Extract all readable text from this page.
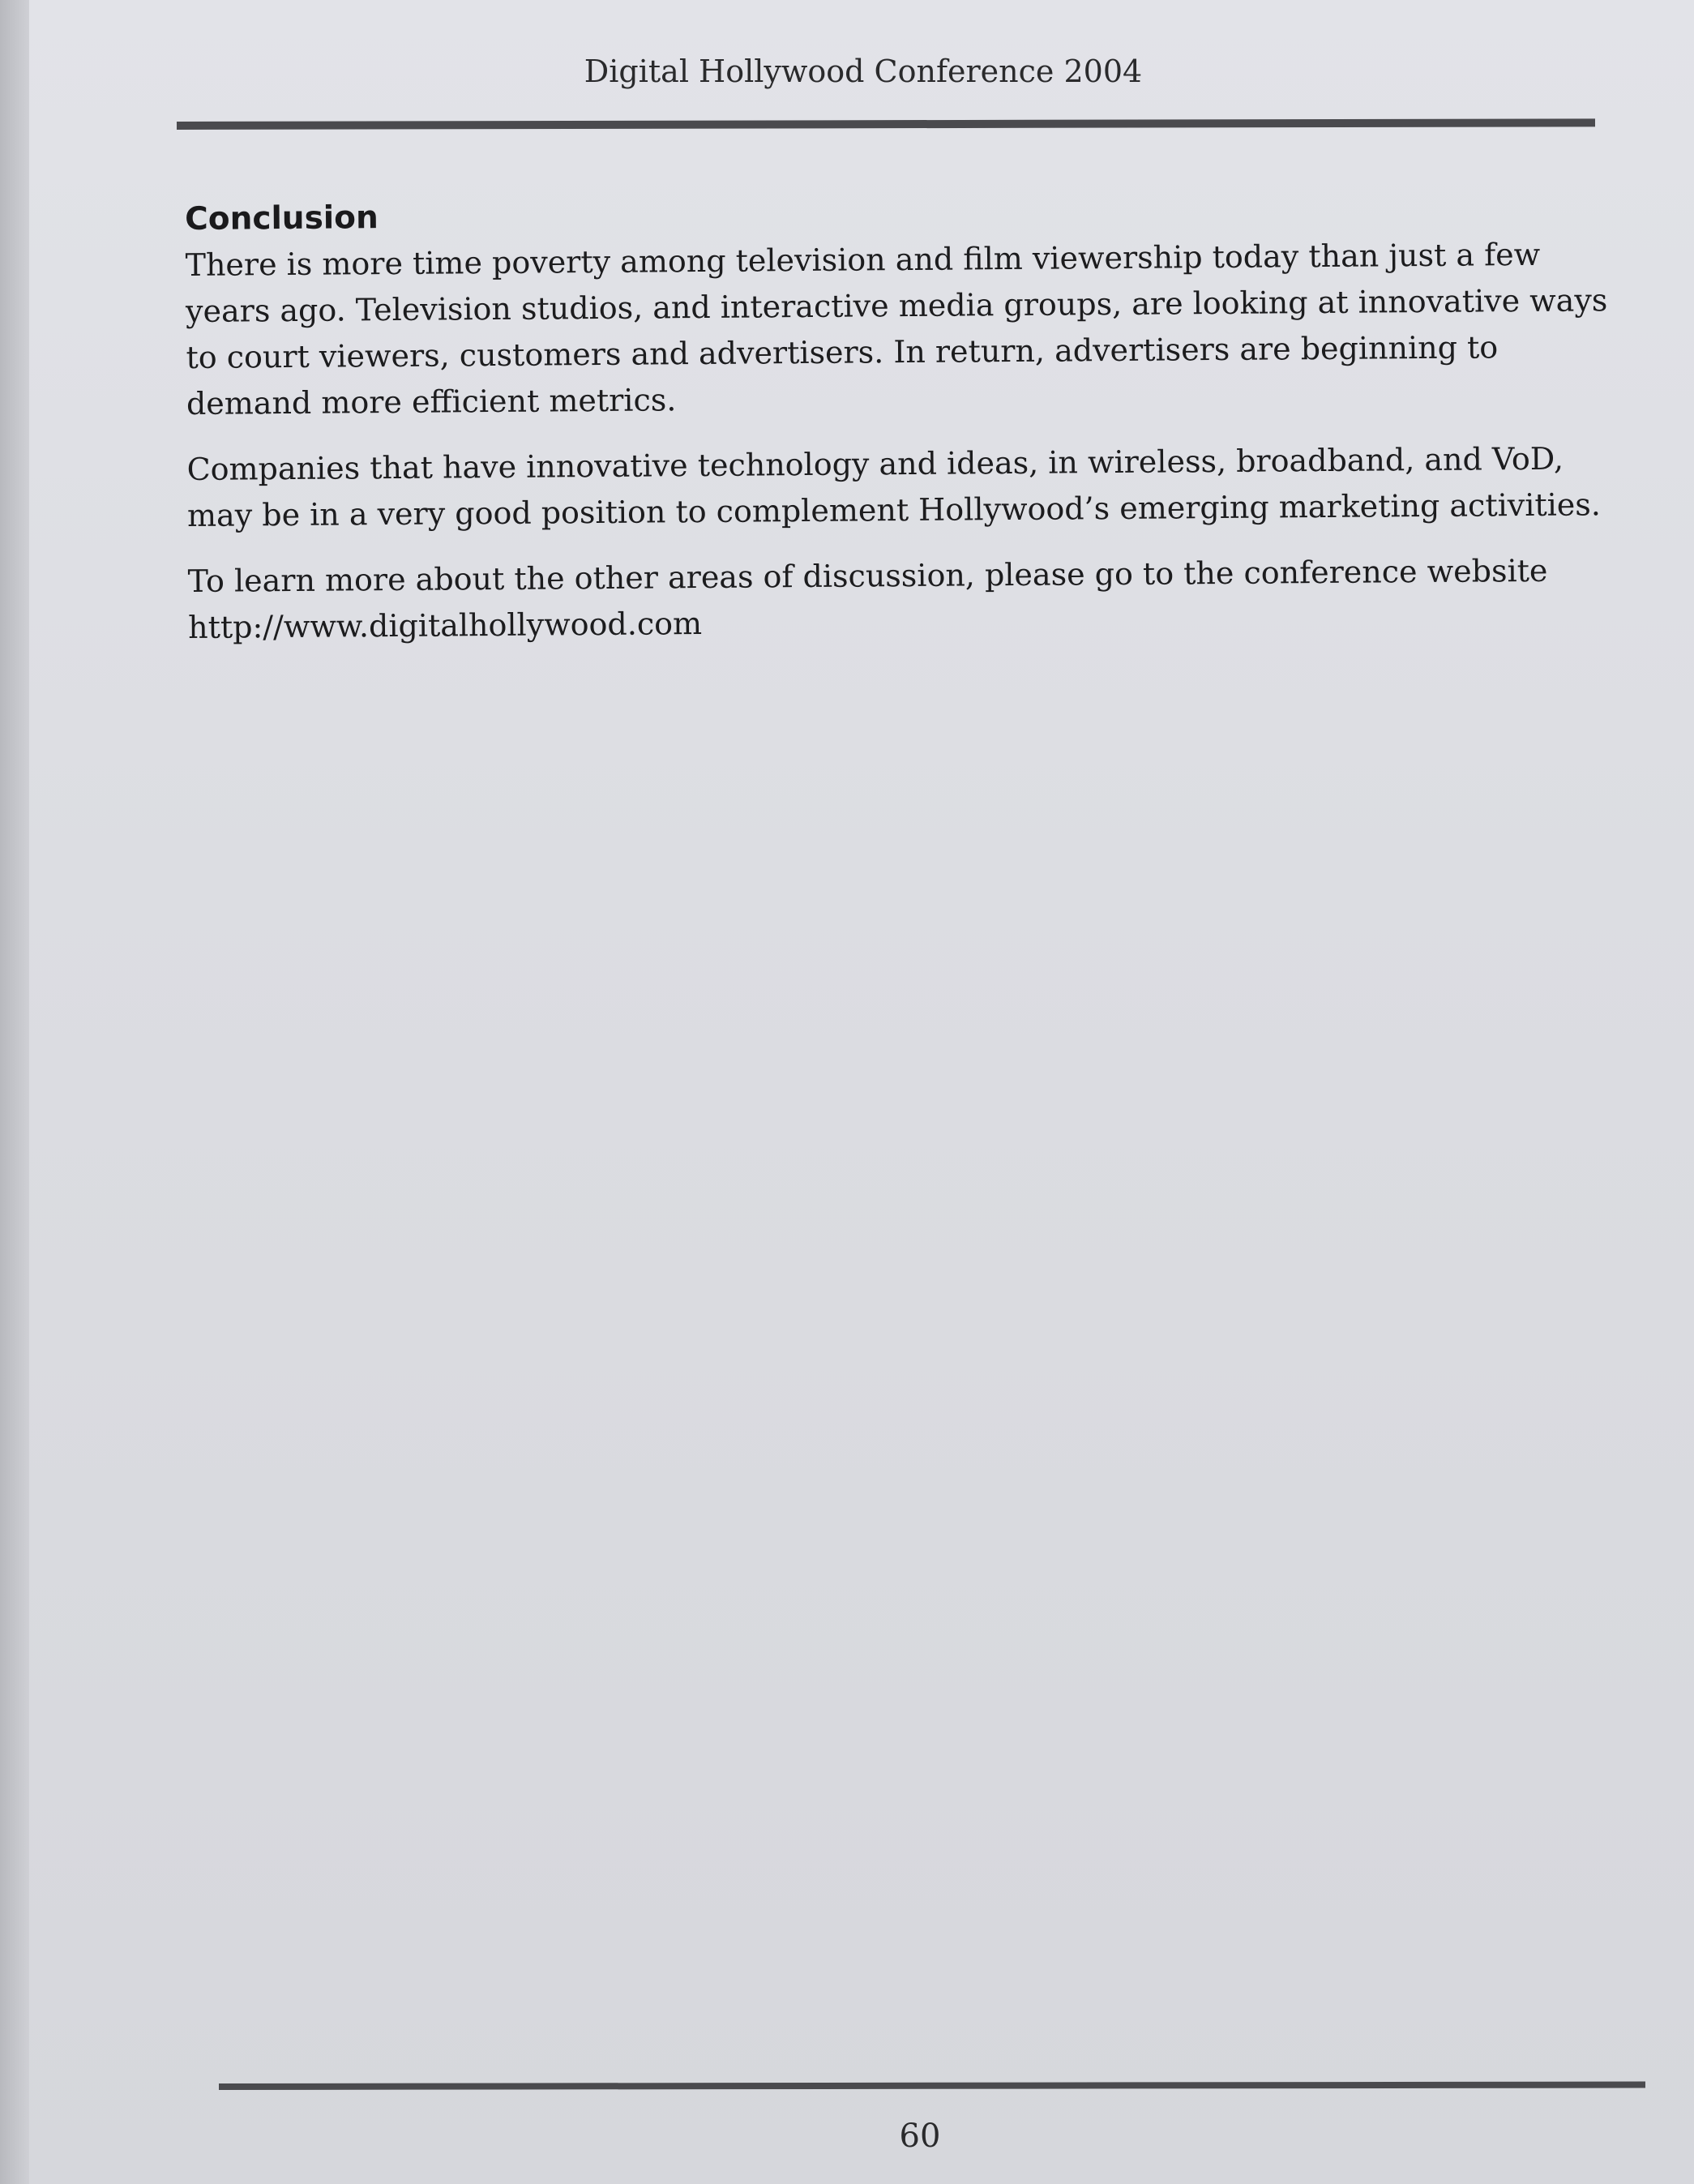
Digital Hollywood Conference 2004
Conclusion

There is more time poverty among television and film viewership today than just a few years ago. Television studios, and interactive media groups, are looking at innovative ways to court viewers, customers and advertisers. In return, advertisers are beginning to demand more efficient metrics.

Companies that have innovative technology and ideas, in wireless, broadband, and VoD, may be in a very good position to complement Hollywood’s emerging marketing activities.

To learn more about the other areas of discussion, please go to the conference website http://www.digitalhollywood.com

60
